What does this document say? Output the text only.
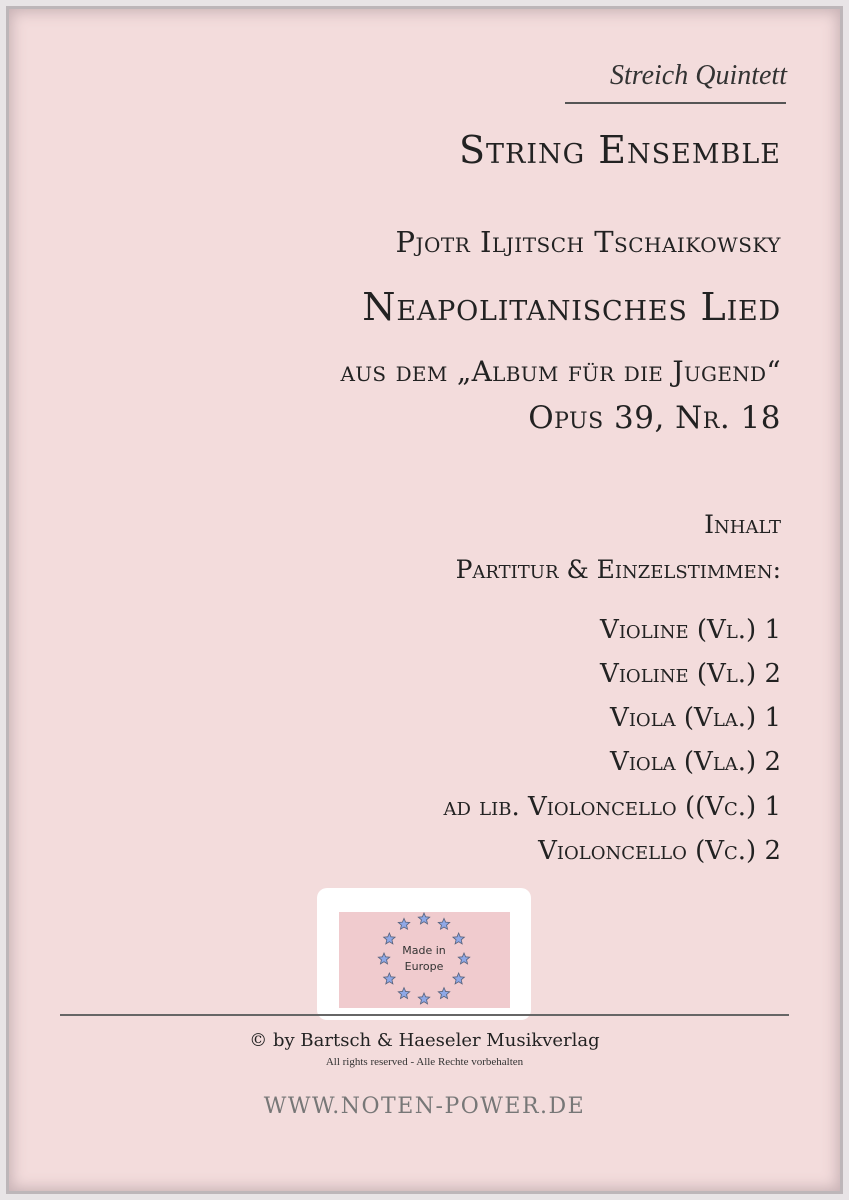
Streich Quintett
String Ensemble
Pjotr Iljitsch Tschaikowsky
Neapolitanisches Lied
aus dem „Album für die Jugend“
Opus 39, Nr. 18
Inhalt
Partitur & Einzelstimmen:
Violine (Vl.) 1
Violine (Vl.) 2
Viola (Vla.) 1
Viola (Vla.) 2
ad lib. Violoncello ((Vc.) 1
Violoncello (Vc.) 2
Made in
Europe
© by Bartsch & Haeseler Musikverlag
All rights reserved - Alle Rechte vorbehalten
WWW.NOTEN-POWER.DE
